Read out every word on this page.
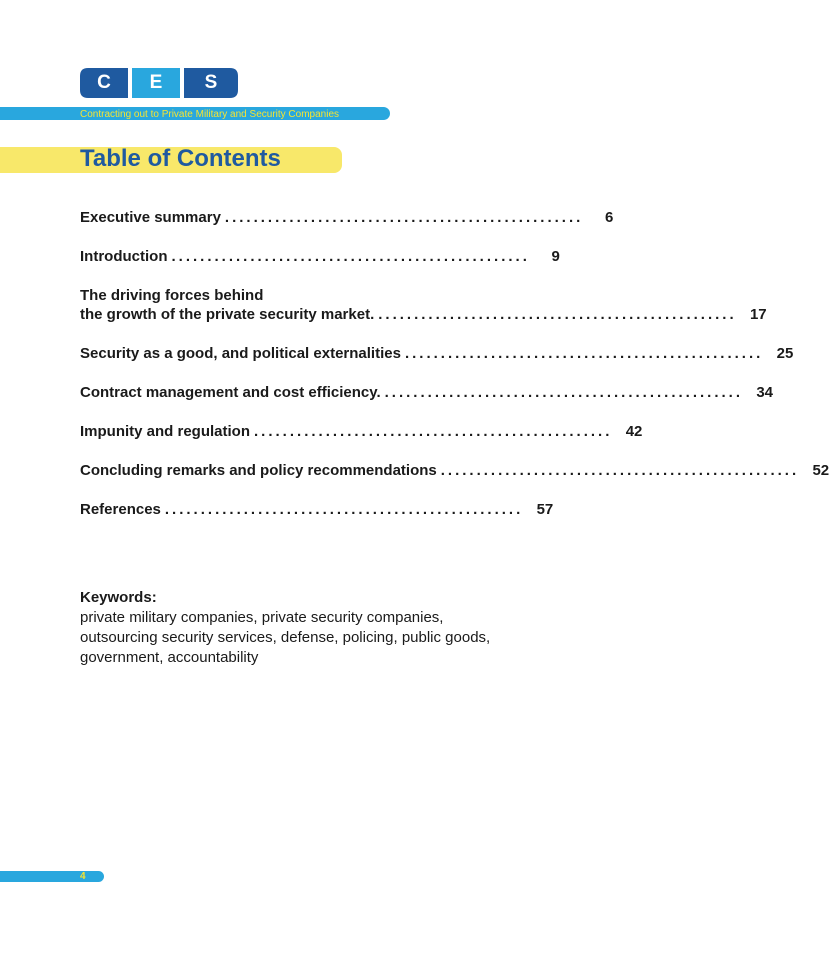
C	E	S
Contracting out to Private Military and Security Companies
Table of Contents
Executive summary ..................................................	6
Introduction ..................................................	9
The driving forces behind
the growth of the private security market. .................................................. 17
Security as a good, and political externalities .................................................. 25
Contract management and cost efficiency. .................................................. 34
Impunity and regulation .................................................. 42
Concluding remarks and policy recommendations .................................................. 52
References .................................................. 57
Keywords:
private military companies, private security companies, outsourcing security services, defense, policing, public goods, government, accountability
4
